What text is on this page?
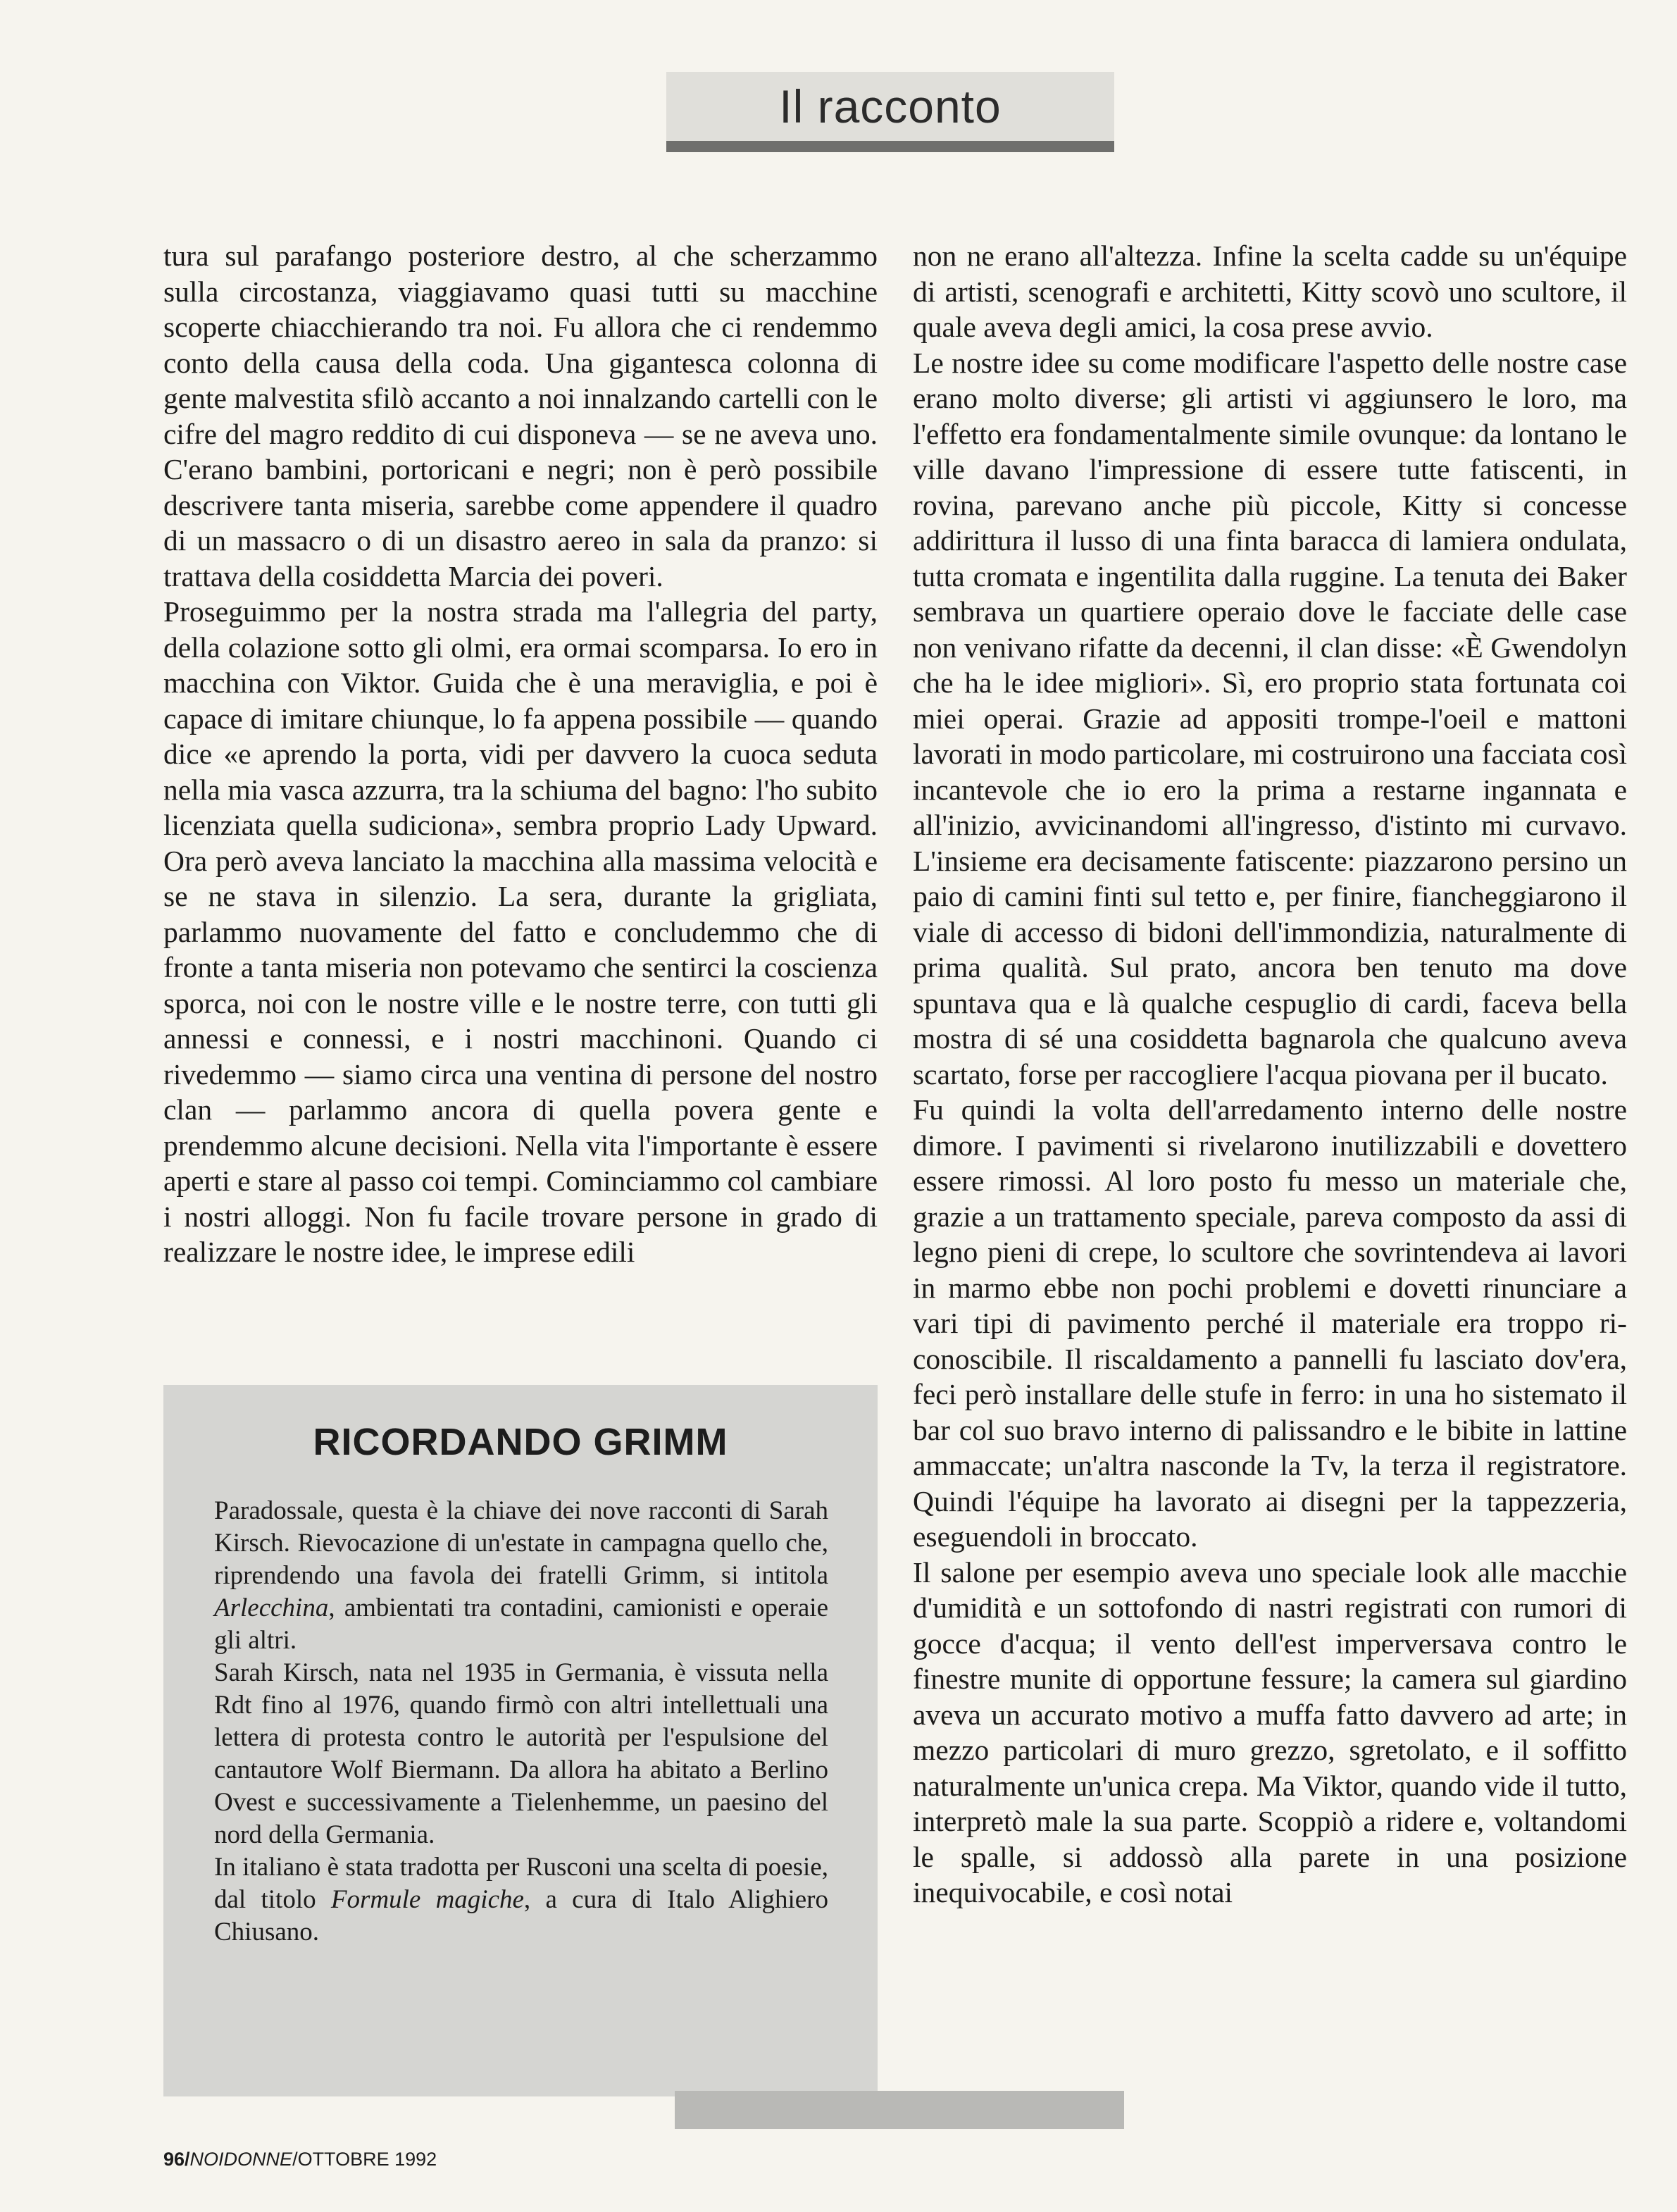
Il racconto

tura sul parafango posteriore destro, al che scherzammo sulla circostanza, viaggiavamo quasi tutti su macchine scoperte chiacchierando tra noi. Fu allora che ci rendemmo conto della causa della coda. Una gigantesca colonna di gente malvestita sfilò accanto a noi innalzando cartelli con le cifre del magro reddito di cui disponeva — se ne aveva uno. C'erano bambini, portoricani e negri; non è però possibile descrivere tanta miseria, sarebbe come appendere il quadro di un massacro o di un disastro aereo in sala da pranzo: si trattava della cosiddetta Marcia dei poveri.

Proseguimmo per la nostra strada ma l'allegria del party, della colazione sotto gli olmi, era ormai scomparsa. Io ero in macchina con Viktor. Guida che è una meraviglia, e poi è capace di imitare chiunque, lo fa appena possibile — quando dice «e aprendo la porta, vidi per davvero la cuoca seduta nella mia vasca azzurra, tra la schiuma del bagno: l'ho subito licenziata quella sudiciona», sembra proprio Lady Upward. Ora però aveva lanciato la macchina alla massima velocità e se ne stava in silenzio. La sera, durante la grigliata, parlammo nuovamente del fatto e concludemmo che di fronte a tanta miseria non potevamo che sentirci la coscienza sporca, noi con le nostre ville e le nostre terre, con tutti gli annessi e connessi, e i nostri macchinoni. Quando ci rivedemmo — siamo circa una ventina di persone del nostro clan — parlammo ancora di quella povera gente e prendemmo alcune decisioni. Nella vita l'importante è essere aperti e stare al passo coi tempi. Cominciammo col cambiare i nostri alloggi. Non fu facile trovare persone in grado di realizzare le nostre idee, le imprese edili

non ne erano all'altezza. Infine la scelta cadde su un'équipe di artisti, scenografi e architetti, Kitty scovò uno scultore, il quale aveva degli amici, la cosa prese avvio.

Le nostre idee su come modificare l'aspetto delle nostre case erano molto diverse; gli artisti vi aggiunsero le loro, ma l'effetto era fondamentalmente simile ovunque: da lontano le ville davano l'impressione di essere tutte fatiscenti, in rovina, parevano anche più piccole, Kitty si concesse addirittura il lusso di una finta baracca di lamiera ondulata, tutta cromata e ingentilita dalla ruggine. La tenuta dei Baker sembrava un quartiere operaio dove le facciate delle case non venivano rifatte da decenni, il clan disse: «È Gwendolyn che ha le idee migliori». Sì, ero proprio stata fortunata coi miei operai. Grazie ad appositi trompe-l'oeil e mattoni lavorati in modo particolare, mi costruirono una facciata così incantevole che io ero la prima a restarne ingannata e all'inizio, avvicinandomi all'ingresso, d'istinto mi curvavo. L'insieme era decisamente fatiscente: piazzarono persino un paio di camini finti sul tetto e, per finire, fiancheggiarono il viale di accesso di bidoni dell'immondizia, naturalmente di prima qualità. Sul prato, ancora ben tenuto ma dove spuntava qua e là qualche cespuglio di cardi, faceva bella mostra di sé una cosiddetta bagnarola che qualcuno aveva scartato, forse per raccogliere l'acqua piovana per il bucato.

Fu quindi la volta dell'arredamento interno delle nostre dimore. I pavimenti si rivelarono inutilizzabili e dovettero essere rimossi. Al loro posto fu messo un materiale che, grazie a un trattamento speciale, pareva composto da assi di legno pieni di crepe, lo scultore che sovrintendeva ai lavori in marmo ebbe non pochi problemi e dovetti rinunciare a vari tipi di pavimento perché il materiale era troppo riconoscibile. Il riscaldamento a pannelli fu lasciato dov'era, feci però installare delle stufe in ferro: in una ho sistemato il bar col suo bravo interno di palissandro e le bibite in lattine ammaccate; un'altra nasconde la Tv, la terza il registratore. Quindi l'équipe ha lavorato ai disegni per la tappezzeria, eseguendoli in broccato.

Il salone per esempio aveva uno speciale look alle macchie d'umidità e un sottofondo di nastri registrati con rumori di gocce d'acqua; il vento dell'est imperversava contro le finestre munite di opportune fessure; la camera sul giardino aveva un accurato motivo a muffa fatto davvero ad arte; in mezzo particolari di muro grezzo, sgretolato, e il soffitto naturalmente un'unica crepa. Ma Viktor, quando vide il tutto, interpretò male la sua parte. Scoppiò a ridere e, voltandomi le spalle, si addossò alla parete in una posizione inequivocabile, e così notai

RICORDANDO GRIMM

Paradossale, questa è la chiave dei nove racconti di Sarah Kirsch. Rievocazione di un'estate in campagna quello che, riprendendo una favola dei fratelli Grimm, si intitola Arlecchina, ambientati tra contadini, camionisti e operaie gli altri.

Sarah Kirsch, nata nel 1935 in Germania, è vissuta nella Rdt fino al 1976, quando firmò con altri intellettuali una lettera di protesta contro le autorità per l'espulsione del cantautore Wolf Biermann. Da allora ha abitato a Berlino Ovest e successivamente a Tielenhemme, un paesino del nord della Germania.

In italiano è stata tradotta per Rusconi una scelta di poesie, dal titolo Formule magiche, a cura di Italo Alighiero Chiusano.

96/NOIDONNE/OTTOBRE 1992
